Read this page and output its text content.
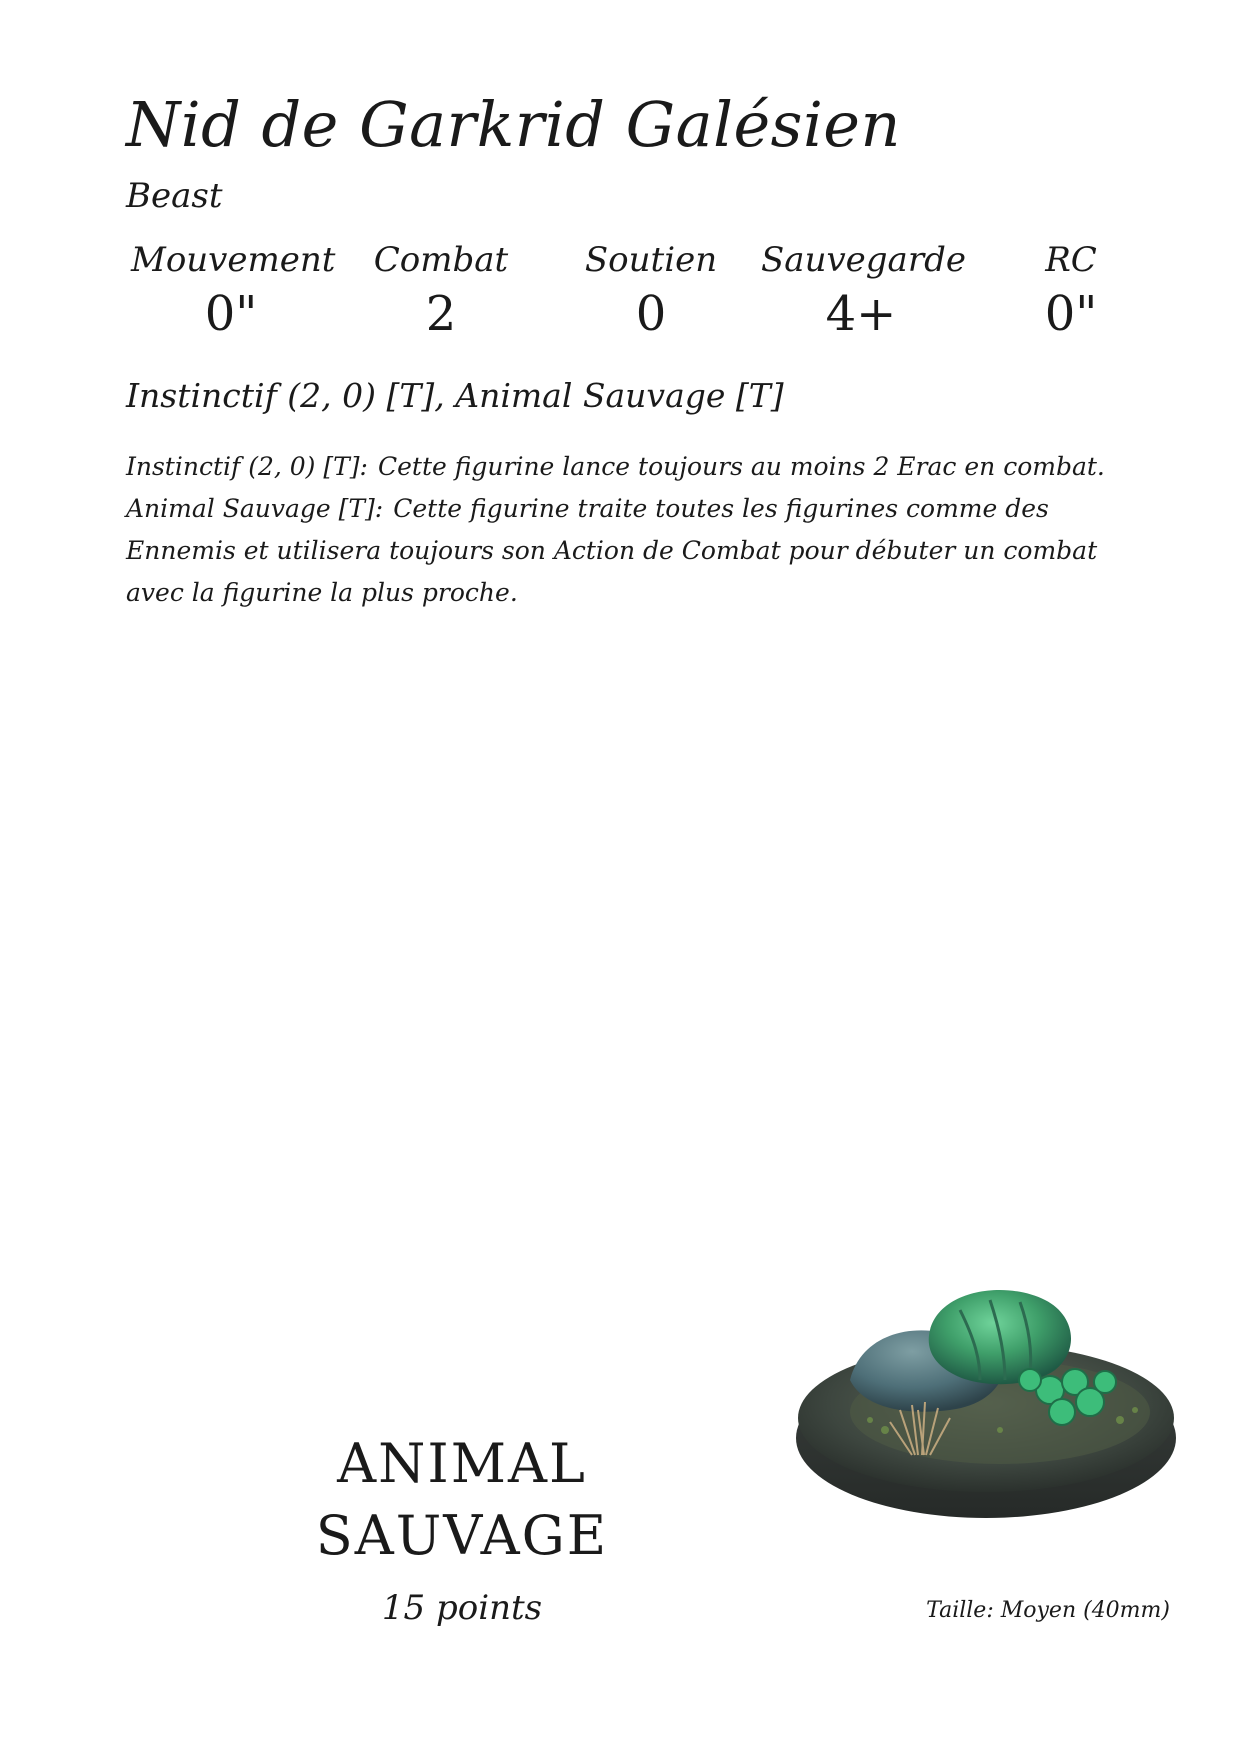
Nid de Garkrid Galésien
Beast
Mouvement
0"
Combat
2
Soutien
0
Sauvegarde
4+
RC
0"
Instinctif (2, 0) [T], Animal Sauvage [T]

Instinctif (2, 0) [T]: Cette figurine lance toujours au moins 2 Erac en combat.

Animal Sauvage [T]: Cette figurine traite toutes les figurines comme des Ennemis et utilisera toujours son Action de Combat pour débuter un combat avec la figurine la plus proche.

ANIMAL
SAUVAGE
15 points	Taille: Moyen (40mm)
